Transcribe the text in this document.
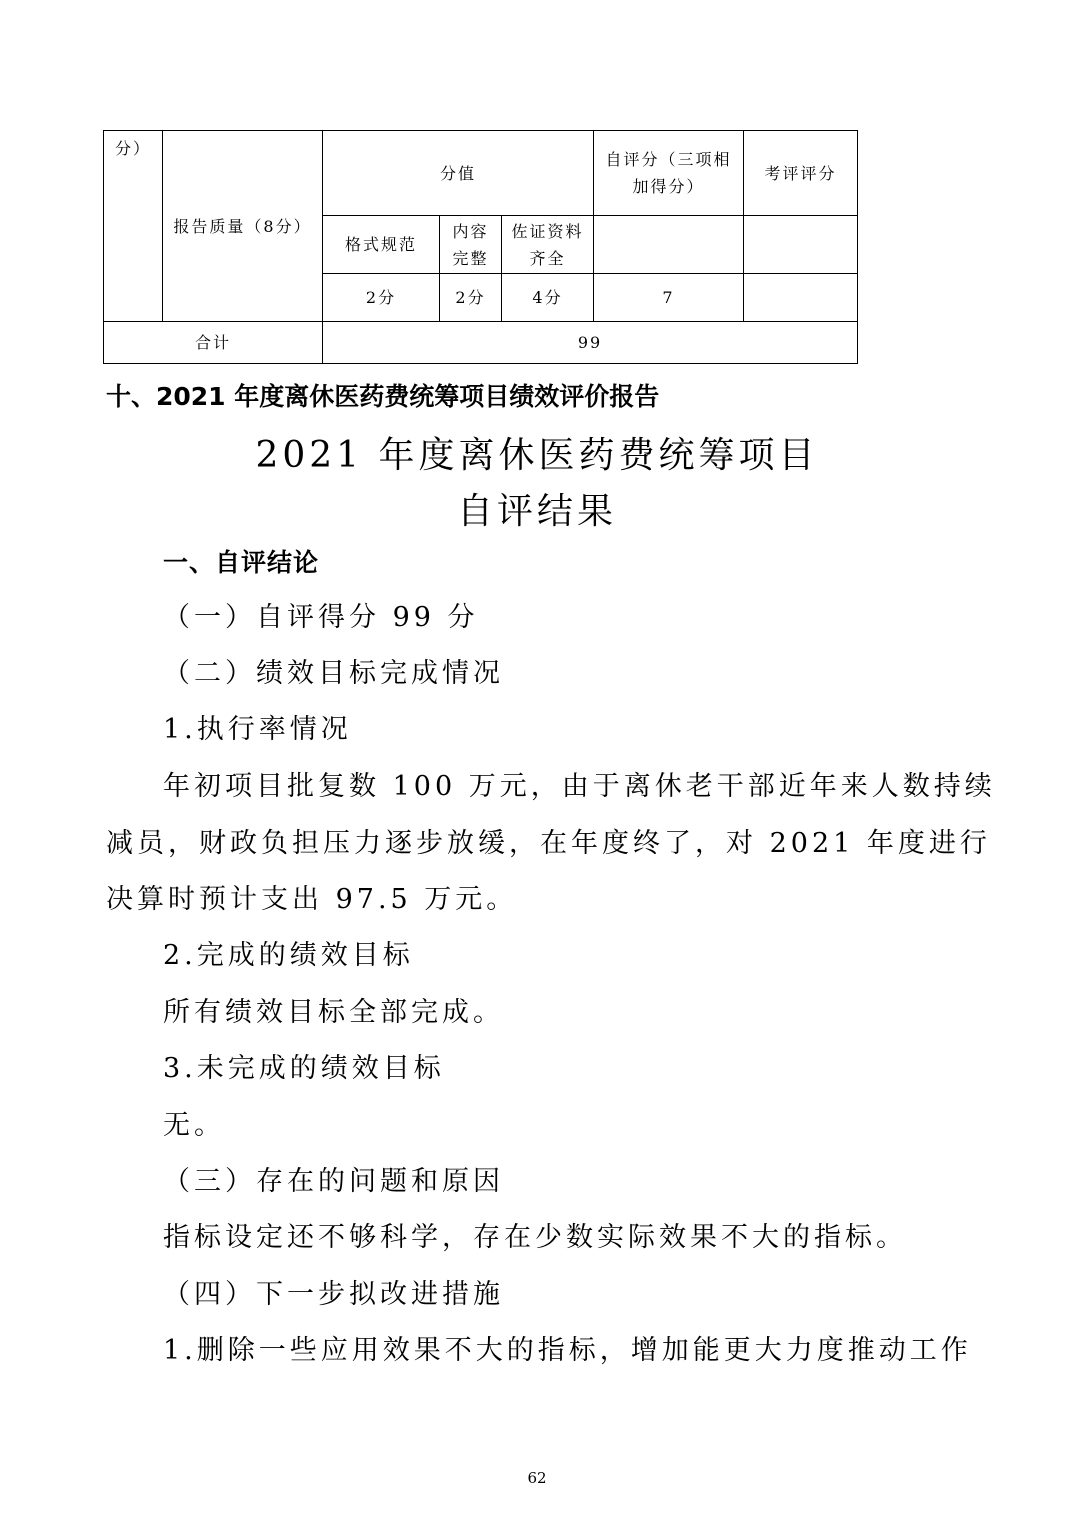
分）	报告质量（8分）	分值			自评分（三项相加得分）	考评评分
		格式规范	内容完整	佐证资料齐全		
		2分	2分	4分	7	
合计		99				
十、2021 年度离休医药费统筹项目绩效评价报告
2021 年度离休医药费统筹项目
自评结果
一、自评结论

（一）自评得分 99 分

（二）绩效目标完成情况

1.执行率情况

年初项目批复数 100 万元，由于离休老干部近年来人数持续

减员，财政负担压力逐步放缓，在年度终了，对 2021 年度进行

决算时预计支出 97.5 万元。

2.完成的绩效目标

所有绩效目标全部完成。

3.未完成的绩效目标

无。

（三）存在的问题和原因

指标设定还不够科学，存在少数实际效果不大的指标。

（四）下一步拟改进措施

1.删除一些应用效果不大的指标，增加能更大力度推动工作

62
